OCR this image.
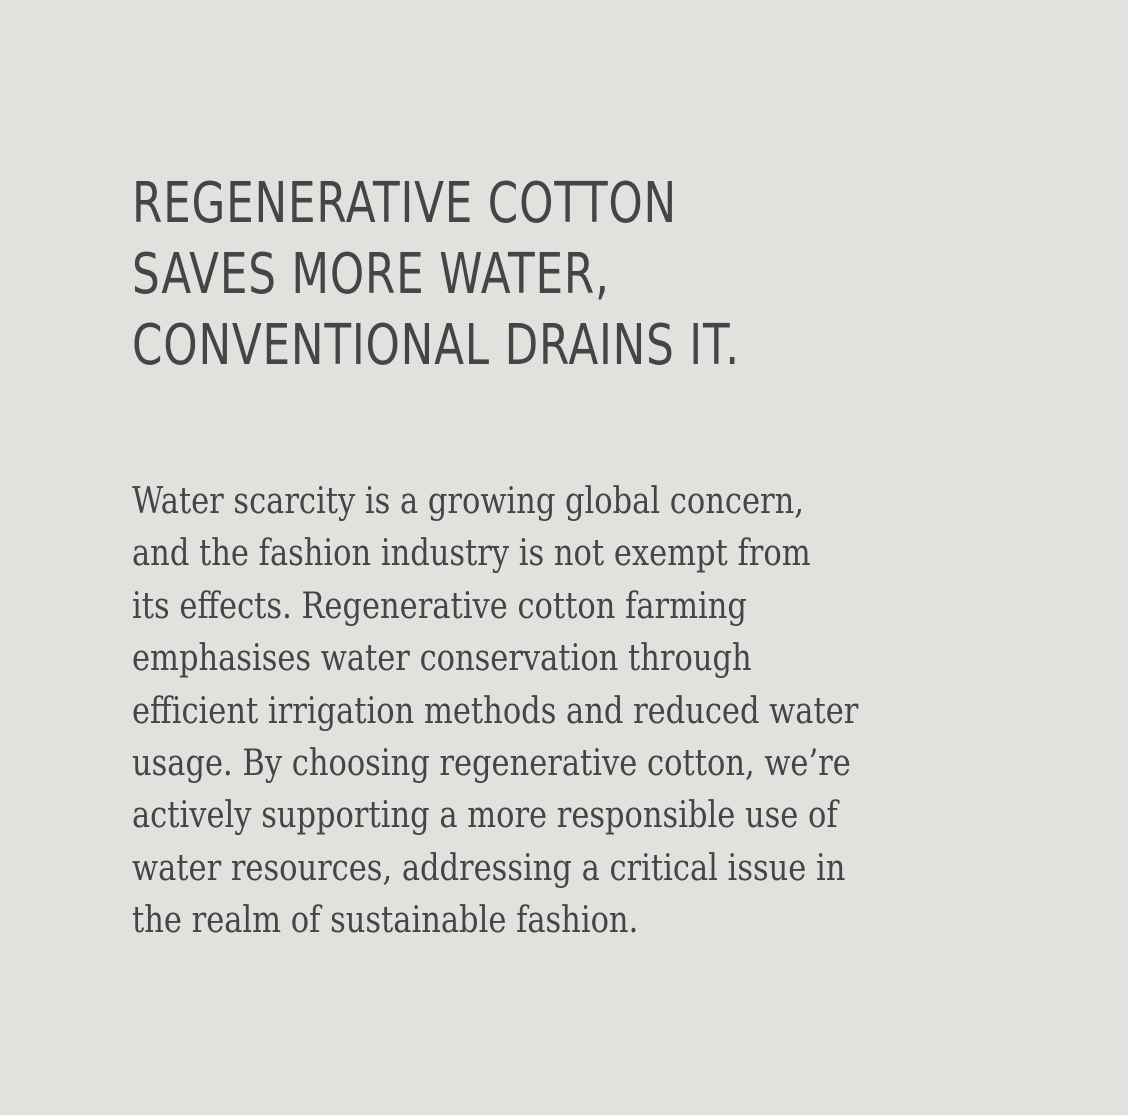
REGENERATIVE COTTON
SAVES MORE WATER,
CONVENTIONAL DRAINS IT.

Water scarcity is a growing global concern,
and the fashion industry is not exempt from
its effects. Regenerative cotton farming
emphasises water conservation through
efficient irrigation methods and reduced water
usage. By choosing regenerative cotton, we’re
actively supporting a more responsible use of
water resources, addressing a critical issue in
the realm of sustainable fashion.
